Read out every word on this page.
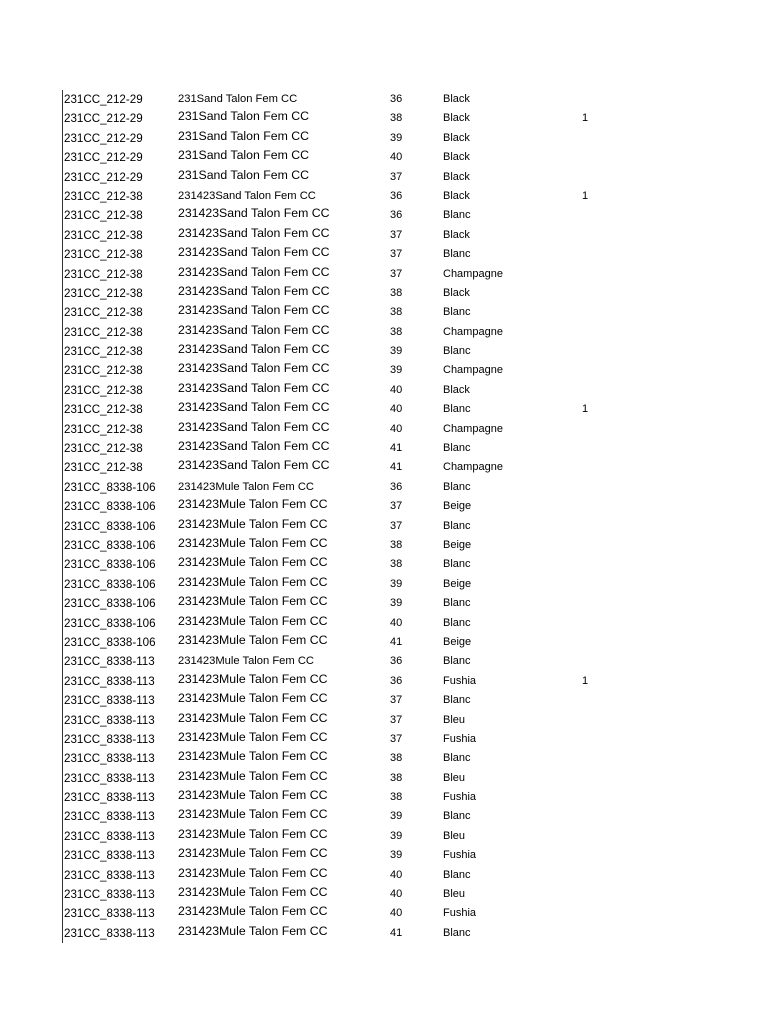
231CC_212-29	231Sand Talon Fem CC	36	Black
231CC_212-29	231Sand Talon Fem CC	38	Black	1
231CC_212-29	231Sand Talon Fem CC	39	Black
231CC_212-29	231Sand Talon Fem CC	40	Black
231CC_212-29	231Sand Talon Fem CC	37	Black
231CC_212-38	231423Sand Talon Fem CC	36	Black	1
231CC_212-38	231423Sand Talon Fem CC	36	Blanc
231CC_212-38	231423Sand Talon Fem CC	37	Black
231CC_212-38	231423Sand Talon Fem CC	37	Blanc
231CC_212-38	231423Sand Talon Fem CC	37	Champagne
231CC_212-38	231423Sand Talon Fem CC	38	Black
231CC_212-38	231423Sand Talon Fem CC	38	Blanc
231CC_212-38	231423Sand Talon Fem CC	38	Champagne
231CC_212-38	231423Sand Talon Fem CC	39	Blanc
231CC_212-38	231423Sand Talon Fem CC	39	Champagne
231CC_212-38	231423Sand Talon Fem CC	40	Black
231CC_212-38	231423Sand Talon Fem CC	40	Blanc	1
231CC_212-38	231423Sand Talon Fem CC	40	Champagne
231CC_212-38	231423Sand Talon Fem CC	41	Blanc
231CC_212-38	231423Sand Talon Fem CC	41	Champagne
231CC_8338-106 231423Mule Talon Fem CC	36	Blanc
231CC_8338-106 231423Mule Talon Fem CC	37	Beige
231CC_8338-106 231423Mule Talon Fem CC	37	Blanc
231CC_8338-106 231423Mule Talon Fem CC	38	Beige
231CC_8338-106 231423Mule Talon Fem CC	38	Blanc
231CC_8338-106 231423Mule Talon Fem CC	39	Beige
231CC_8338-106 231423Mule Talon Fem CC	39	Blanc
231CC_8338-106 231423Mule Talon Fem CC	40	Blanc
231CC_8338-106 231423Mule Talon Fem CC	41	Beige
231CC_8338-113 231423Mule Talon Fem CC	36	Blanc
231CC_8338-113 231423Mule Talon Fem CC	36	Fushia	1
231CC_8338-113 231423Mule Talon Fem CC	37	Blanc
231CC_8338-113 231423Mule Talon Fem CC	37	Bleu
231CC_8338-113 231423Mule Talon Fem CC	37	Fushia
231CC_8338-113 231423Mule Talon Fem CC	38	Blanc
231CC_8338-113 231423Mule Talon Fem CC	38	Bleu
231CC_8338-113 231423Mule Talon Fem CC	38	Fushia
231CC_8338-113 231423Mule Talon Fem CC	39	Blanc
231CC_8338-113 231423Mule Talon Fem CC	39	Bleu
231CC_8338-113 231423Mule Talon Fem CC	39	Fushia
231CC_8338-113 231423Mule Talon Fem CC	40	Blanc
231CC_8338-113 231423Mule Talon Fem CC	40	Bleu
231CC_8338-113 231423Mule Talon Fem CC	40	Fushia
231CC_8338-113 231423Mule Talon Fem CC	41	Blanc
